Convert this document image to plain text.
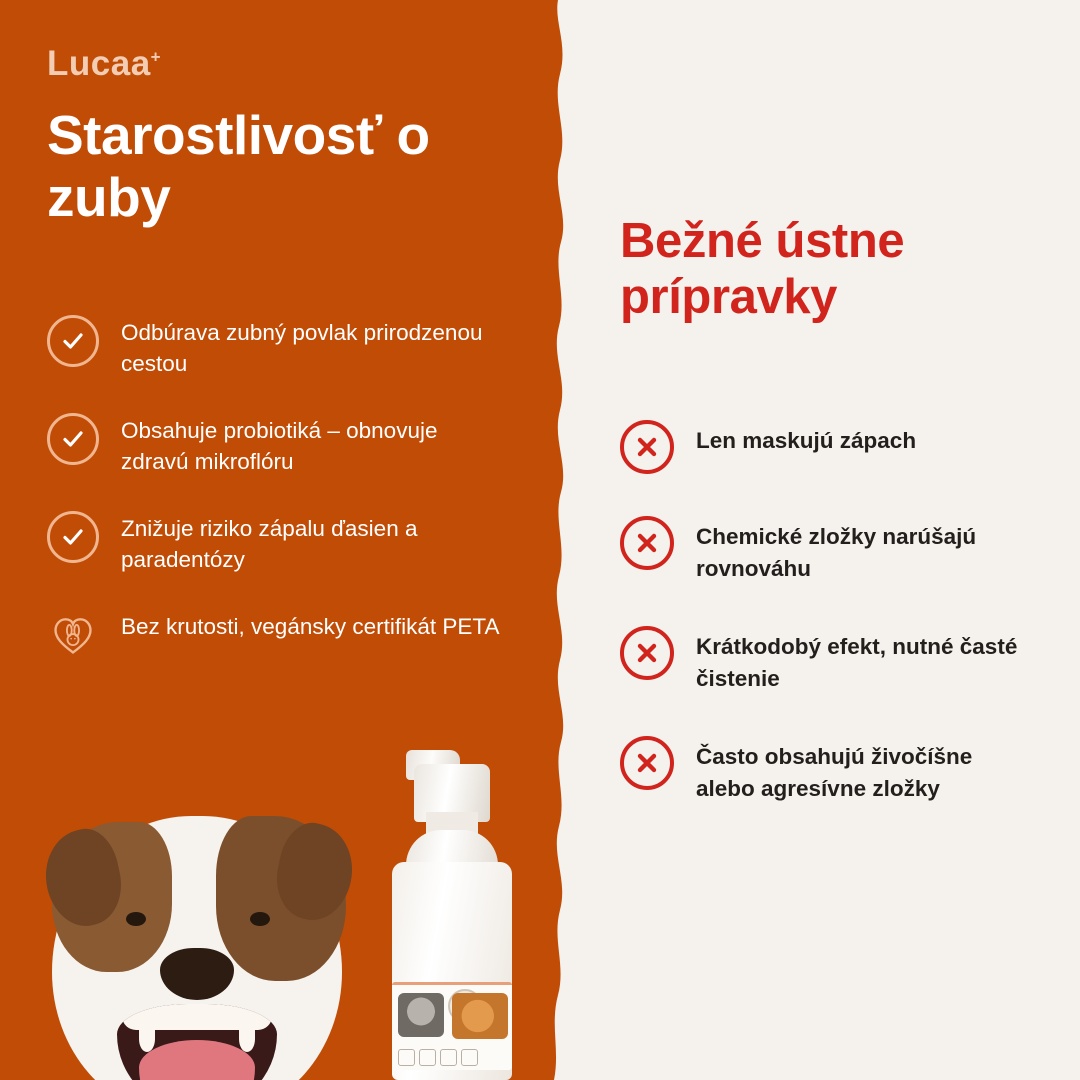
Lucaa+
Starostlivosť o zuby
Odbúrava zubný povlak prirodzenou cestou
Obsahuje probiotiká – obnovuje zdravú mikroflóru
Znižuje riziko zápalu ďasien a paradentózy
Bez krutosti, vegánsky certifikát PETA
Bežné ústne prípravky
Len maskujú zápach
Chemické zložky narúšajú rovnováhu
Krátkodobý efekt, nutné časté čistenie
Často obsahujú živočíšne alebo agresívne zložky
